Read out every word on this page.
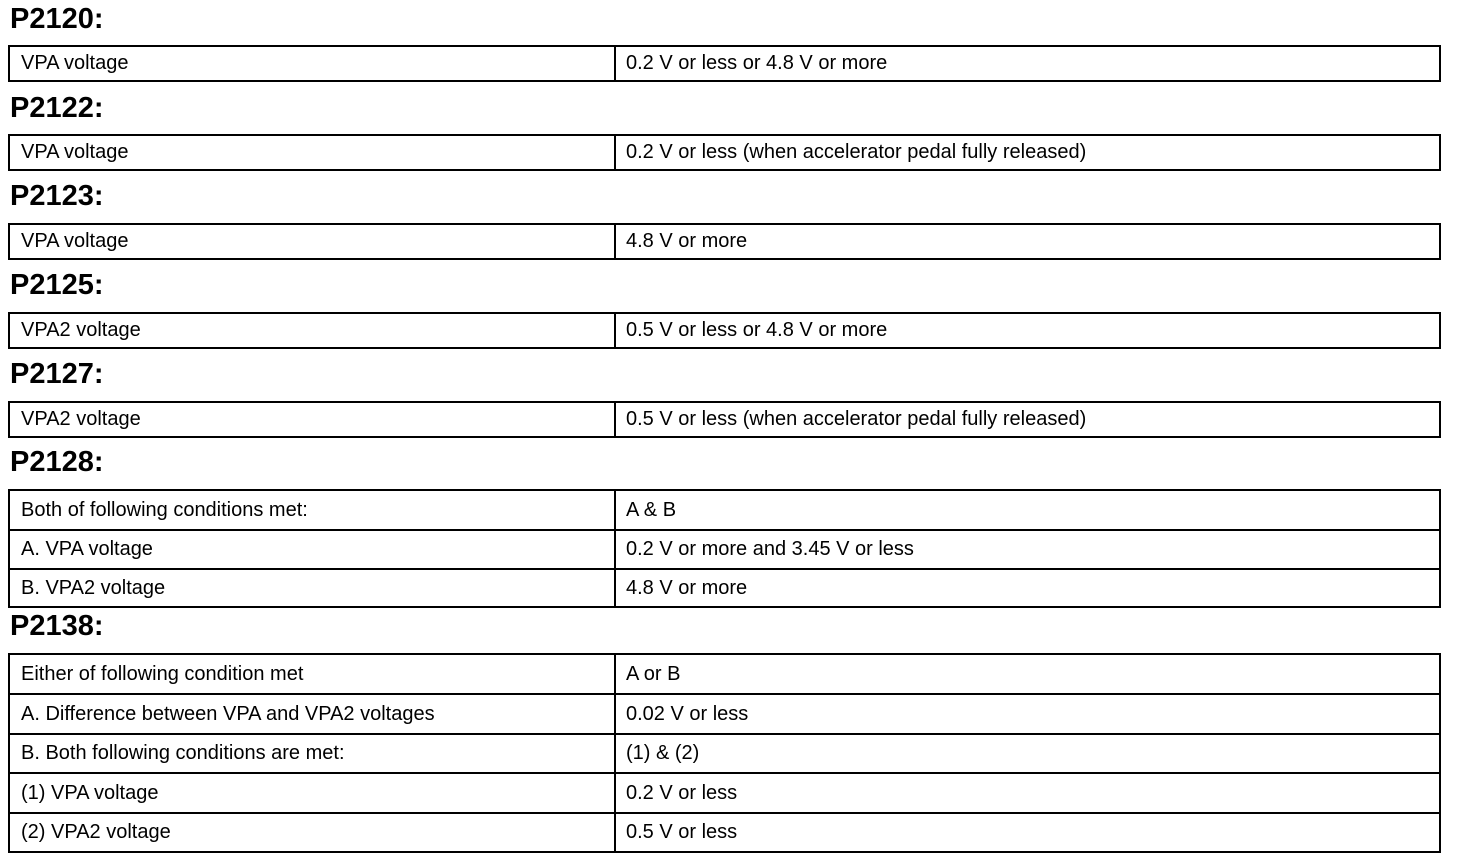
P2120:
VPA voltage	0.2 V or less or 4.8 V or more
P2122:
VPA voltage	0.2 V or less (when accelerator pedal fully released)
P2123:
VPA voltage	4.8 V or more
P2125:
VPA2 voltage	0.5 V or less or 4.8 V or more
P2127:
VPA2 voltage	0.5 V or less (when accelerator pedal fully released)
P2128:
Both of following conditions met:	A & B
A. VPA voltage	0.2 V or more and 3.45 V or less
B. VPA2 voltage	4.8 V or more
P2138:
Either of following condition met	A or B
A. Difference between VPA and VPA2 voltages	0.02 V or less
B. Both following conditions are met:	(1) & (2)
(1) VPA voltage	0.2 V or less
(2) VPA2 voltage	0.5 V or less
